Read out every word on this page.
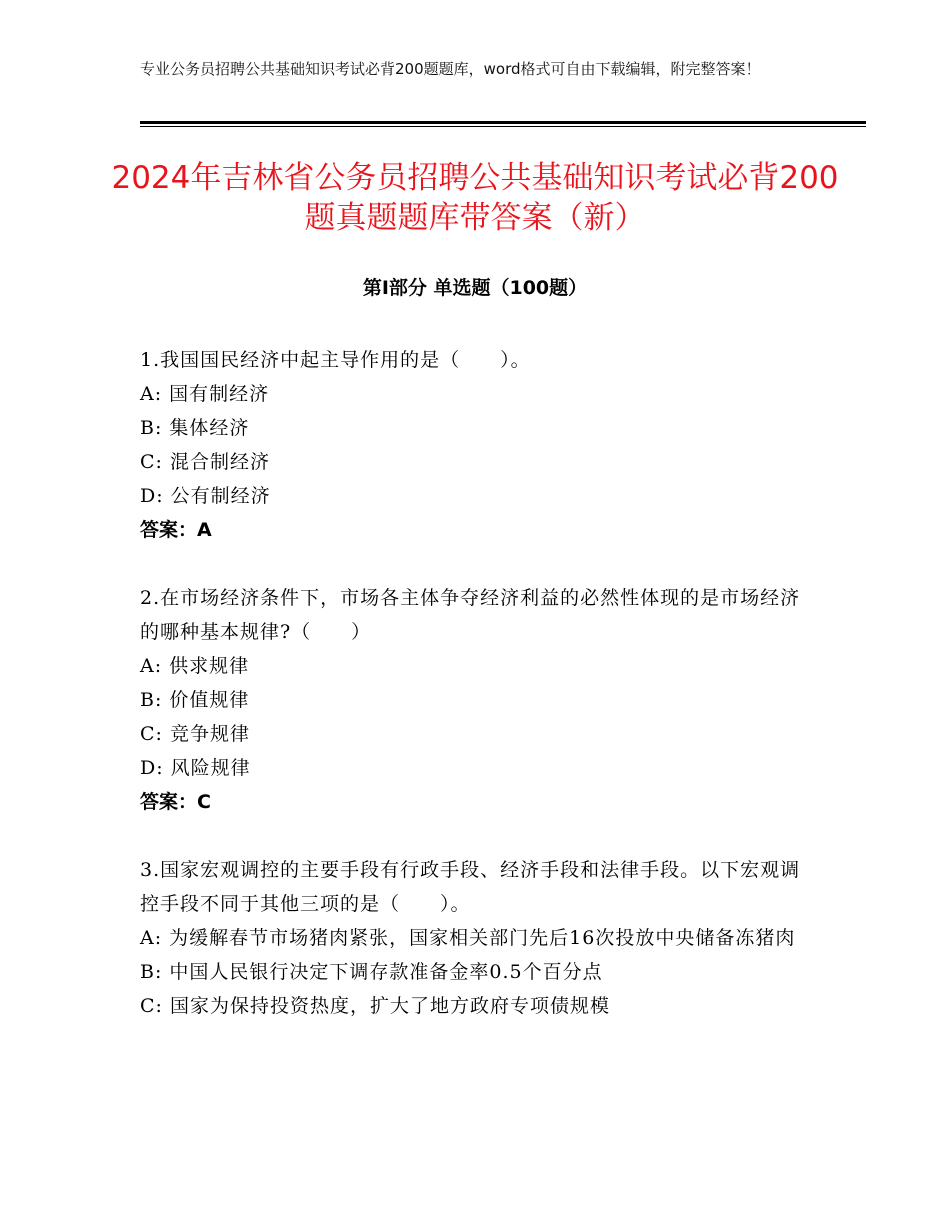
专业公务员招聘公共基础知识考试必背200题题库，word格式可自由下载编辑，附完整答案！
2024年吉林省公务员招聘公共基础知识考试必背200题真题题库带答案（新）
第Ⅰ部分 单选题（100题）
1.我国国民经济中起主导作用的是（　　）。
A: 国有制经济
B: 集体经济
C: 混合制经济
D: 公有制经济
答案：A
2.在市场经济条件下，市场各主体争夺经济利益的必然性体现的是市场经济的哪种基本规律?（　　）
A: 供求规律
B: 价值规律
C: 竞争规律
D: 风险规律
答案：C
3.国家宏观调控的主要手段有行政手段、经济手段和法律手段。以下宏观调控手段不同于其他三项的是（　　）。
A: 为缓解春节市场猪肉紧张，国家相关部门先后16次投放中央储备冻猪肉
B: 中国人民银行决定下调存款准备金率0.5个百分点
C: 国家为保持投资热度，扩大了地方政府专项债规模
